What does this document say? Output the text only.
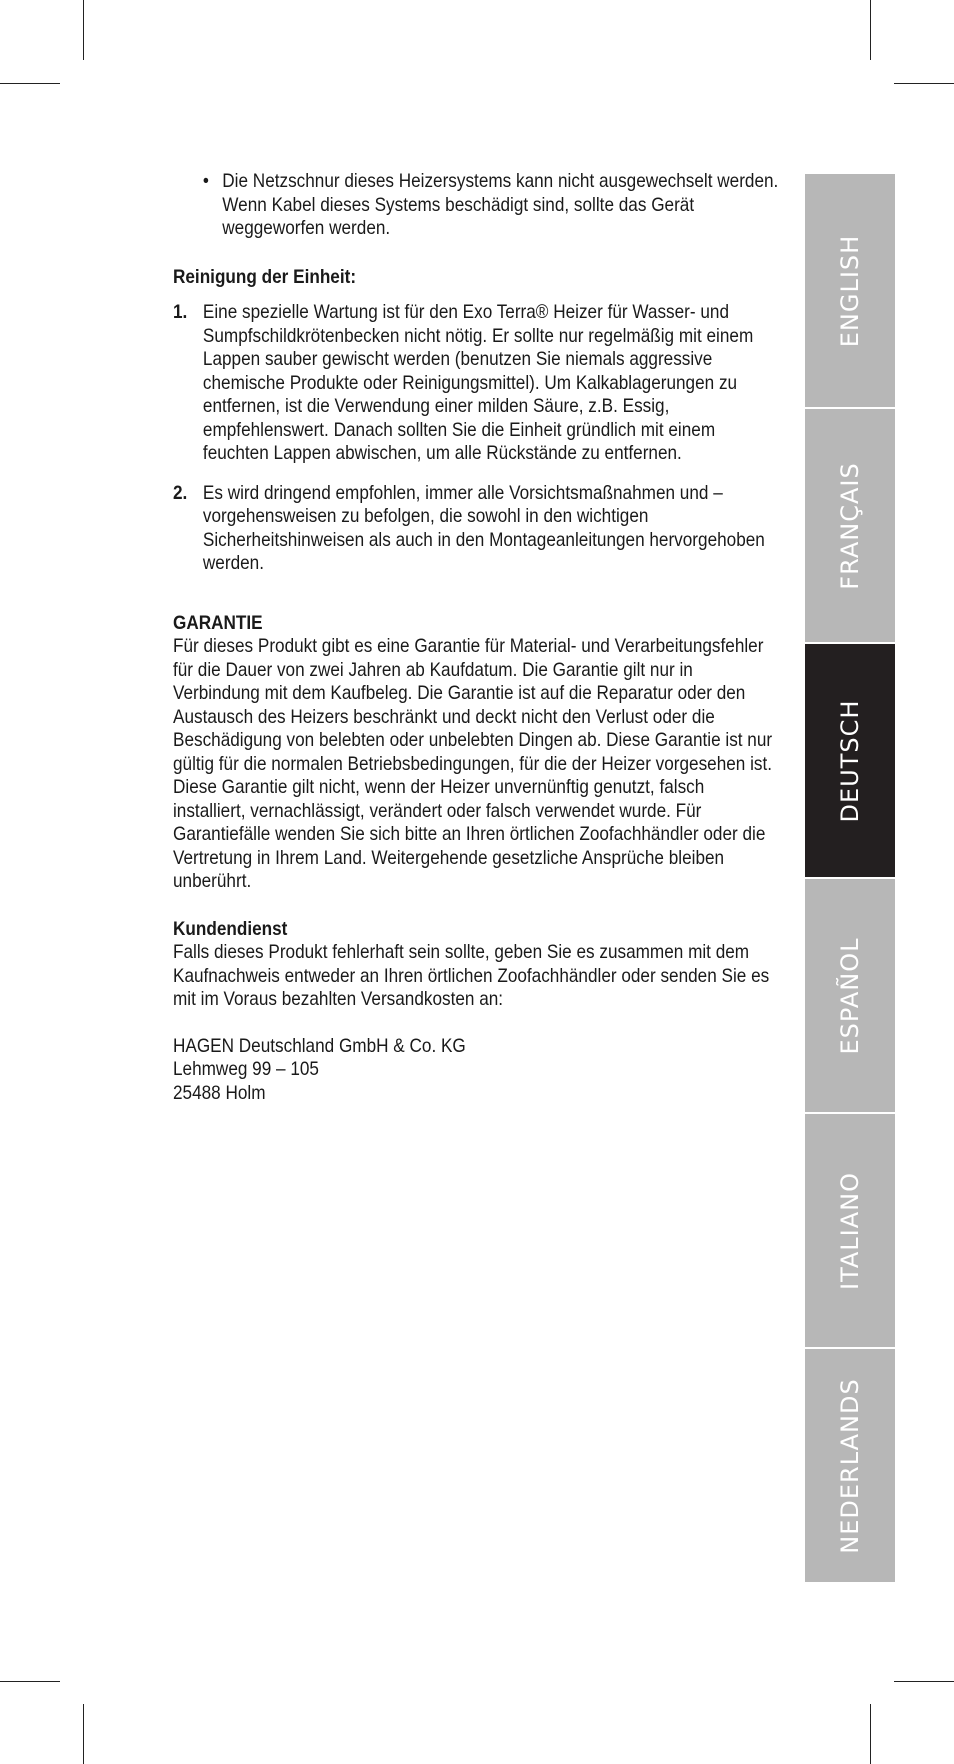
• Die Netzschnur dieses Heizersystems kann nicht ausgewechselt werden. Wenn Kabel dieses Systems beschädigt sind, sollte das Gerät weggeworfen werden.
Reinigung der Einheit:
1. Eine spezielle Wartung ist für den Exo Terra® Heizer für Wasser- und Sumpfschildkrötenbecken nicht nötig. Er sollte nur regelmäßig mit einem Lappen sauber gewischt werden (benutzen Sie niemals aggressive chemische Produkte oder Reinigungsmittel). Um Kalkablagerungen zu entfernen, ist die Verwendung einer milden Säure, z.B. Essig, empfehlenswert. Danach sollten Sie die Einheit gründlich mit einem feuchten Lappen abwischen, um alle Rückstände zu entfernen.
2. Es wird dringend empfohlen, immer alle Vorsichtsmaßnahmen und –vorgehensweisen zu befolgen, die sowohl in den wichtigen Sicherheitshinweisen als auch in den Montageanleitungen hervorgehoben werden.
GARANTIE

Für dieses Produkt gibt es eine Garantie für Material- und Verarbeitungsfehler für die Dauer von zwei Jahren ab Kaufdatum. Die Garantie gilt nur in Verbindung mit dem Kaufbeleg. Die Garantie ist auf die Reparatur oder den Austausch des Heizers beschränkt und deckt nicht den Verlust oder die Beschädigung von belebten oder unbelebten Dingen ab. Diese Garantie ist nur gültig für die normalen Betriebsbedingungen, für die der Heizer vorgesehen ist. Diese Garantie gilt nicht, wenn der Heizer unvernünftig genutzt, falsch installiert, vernachlässigt, verändert oder falsch verwendet wurde. Für Garantiefälle wenden Sie sich bitte an Ihren örtlichen Zoofachhändler oder die Vertretung in Ihrem Land. Weitergehende gesetzliche Ansprüche bleiben unberührt.

Kundendienst

Falls dieses Produkt fehlerhaft sein sollte, geben Sie es zusammen mit dem Kaufnachweis entweder an Ihren örtlichen Zoofachhändler oder senden Sie es mit im Voraus bezahlten Versandkosten an:

HAGEN Deutschland GmbH & Co. KG
Lehmweg 99 – 105
25488 Holm
ENGLISH
FRANÇAIS
DEUTSCH
ESPAÑOL
ITALIANO
NEDERLANDS
